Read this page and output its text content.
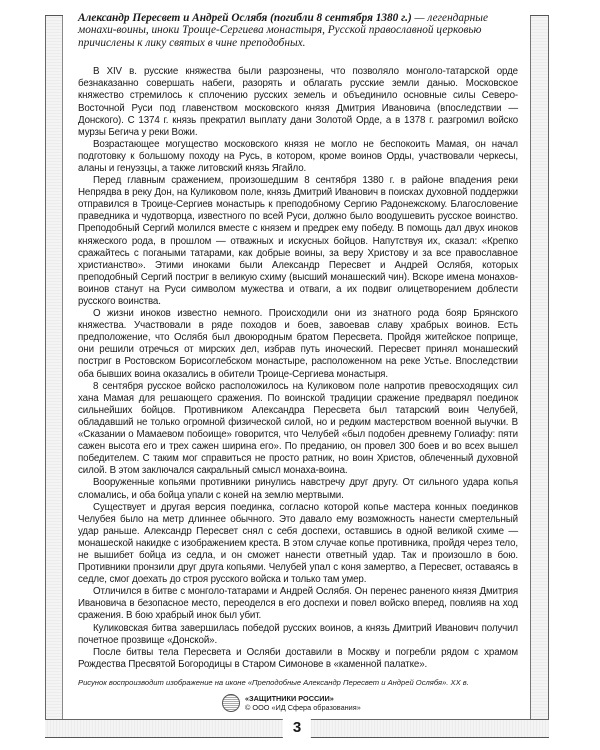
3

Александр Пересвет и Андрей Ослябя (погибли 8 сентября 1380 г.) — легендарные монахи-воины, иноки Троице-Сергиева монастыря, Русской православной церковью причислены к лику святых в чине преподобных.

В XIV в. русские княжества были разрознены, что позволяло монголо-татарской орде безнаказанно совершать набеги, разорять и облагать русские земли данью. Московское княжество стремилось к сплочению русских земель и объединило основные силы Северо-Восточной Руси под главенством московского князя Дмитрия Ивановича (впоследствии — Донского). С 1374 г. князь прекратил выплату дани Золотой Орде, а в 1378 г. разгромил войско мурзы Бегича у реки Вожи.

Возрастающее могущество московского князя не могло не беспокоить Мамая, он начал подготовку к большому походу на Русь, в котором, кроме воинов Орды, участвовали черкесы, аланы и генуэзцы, а также литовский князь Ягайло.

Перед главным сражением, произошедшим 8 сентября 1380 г. в районе впадения реки Непрядва в реку Дон, на Куликовом поле, князь Дмитрий Иванович в поисках духовной поддержки отправился в Троице-Сергиев монастырь к преподобному Сергию Радонежскому. Благословение праведника и чудотворца, известного по всей Руси, должно было воодушевить русское воинство. Преподобный Сергий молился вместе с князем и предрек ему победу. В помощь дал двух иноков княжеского рода, в прошлом — отважных и искусных бойцов. Напутствуя их, сказал: «Крепко сражайтесь с погаными татарами, как добрые воины, за веру Христову и за все православное христианство». Этими иноками были Александр Пересвет и Андрей Ослябя, которых преподобный Сергий постриг в великую схиму (высший монашеский чин). Вскоре имена монахов-воинов станут на Руси символом мужества и отваги, а их подвиг олицетворением доблести русского воинства.

О жизни иноков известно немного. Происходили они из знатного рода бояр Брянского княжества. Участвовали в ряде походов и боев, завоевав славу храбрых воинов. Есть предположение, что Ослябя был двоюродным братом Пересвета. Пройдя житейское поприще, они решили отречься от мирских дел, избрав путь иноческий. Пересвет принял монашеский постриг в Ростовском Борисоглебском монастыре, расположенном на реке Устье. Впоследствии оба бывших воина оказались в обители Троице-Сергиева монастыря.

8 сентября русское войско расположилось на Куликовом поле напротив превосходящих сил хана Мамая для решающего сражения. По воинской традиции сражение предварял поединок сильнейших бойцов. Противником Александра Пересвета был татарский воин Челубей, обладавший не только огромной физической силой, но и редким мастерством военной выучки. В «Сказании о Мамаевом побоище» говорится, что Челубей «был подобен древнему Голиафу: пяти сажен высота его и трех сажен ширина его». По преданию, он провел 300 боев и во всех вышел победителем. С таким мог справиться не просто ратник, но воин Христов, облеченный духовной силой. В этом заключался сакральный смысл монаха-воина.

Вооруженные копьями противники ринулись навстречу друг другу. От сильного удара копья сломались, и оба бойца упали с коней на землю мертвыми.

Существует и другая версия поединка, согласно которой копье мастера конных поединков Челубея было на метр длиннее обычного. Это давало ему возможность нанести смертельный удар раньше. Александр Пересвет снял с себя доспехи, оставшись в одной великой схиме — монашеской накидке с изображением креста. В этом случае копье противника, пройдя через тело, не вышибет бойца из седла, и он сможет нанести ответный удар. Так и произошло в бою. Противники пронзили друг друга копьями. Челубей упал с коня замертво, а Пересвет, оставаясь в седле, смог доехать до строя русского войска и только там умер.

Отличился в битве с монголо-татарами и Андрей Ослябя. Он перенес раненого князя Дмитрия Ивановича в безопасное место, переоделся в его доспехи и повел войско вперед, повлияв на ход сражения. В бою храбрый инок был убит.

Куликовская битва завершилась победой русских воинов, а князь Дмитрий Иванович получил почетное прозвище «Донской».

После битвы тела Пересвета и Осляби доставили в Москву и погребли рядом с храмом Рождества Пресвятой Богородицы в Старом Симонове в «каменной палатке».

Рисунок воспроизводит изображение на иконе «Преподобные Александр Пересвет и Андрей Ослябя». XX в.
«ЗАЩИТНИКИ РОССИИ»
© ООО «ИД Сфера образования»
